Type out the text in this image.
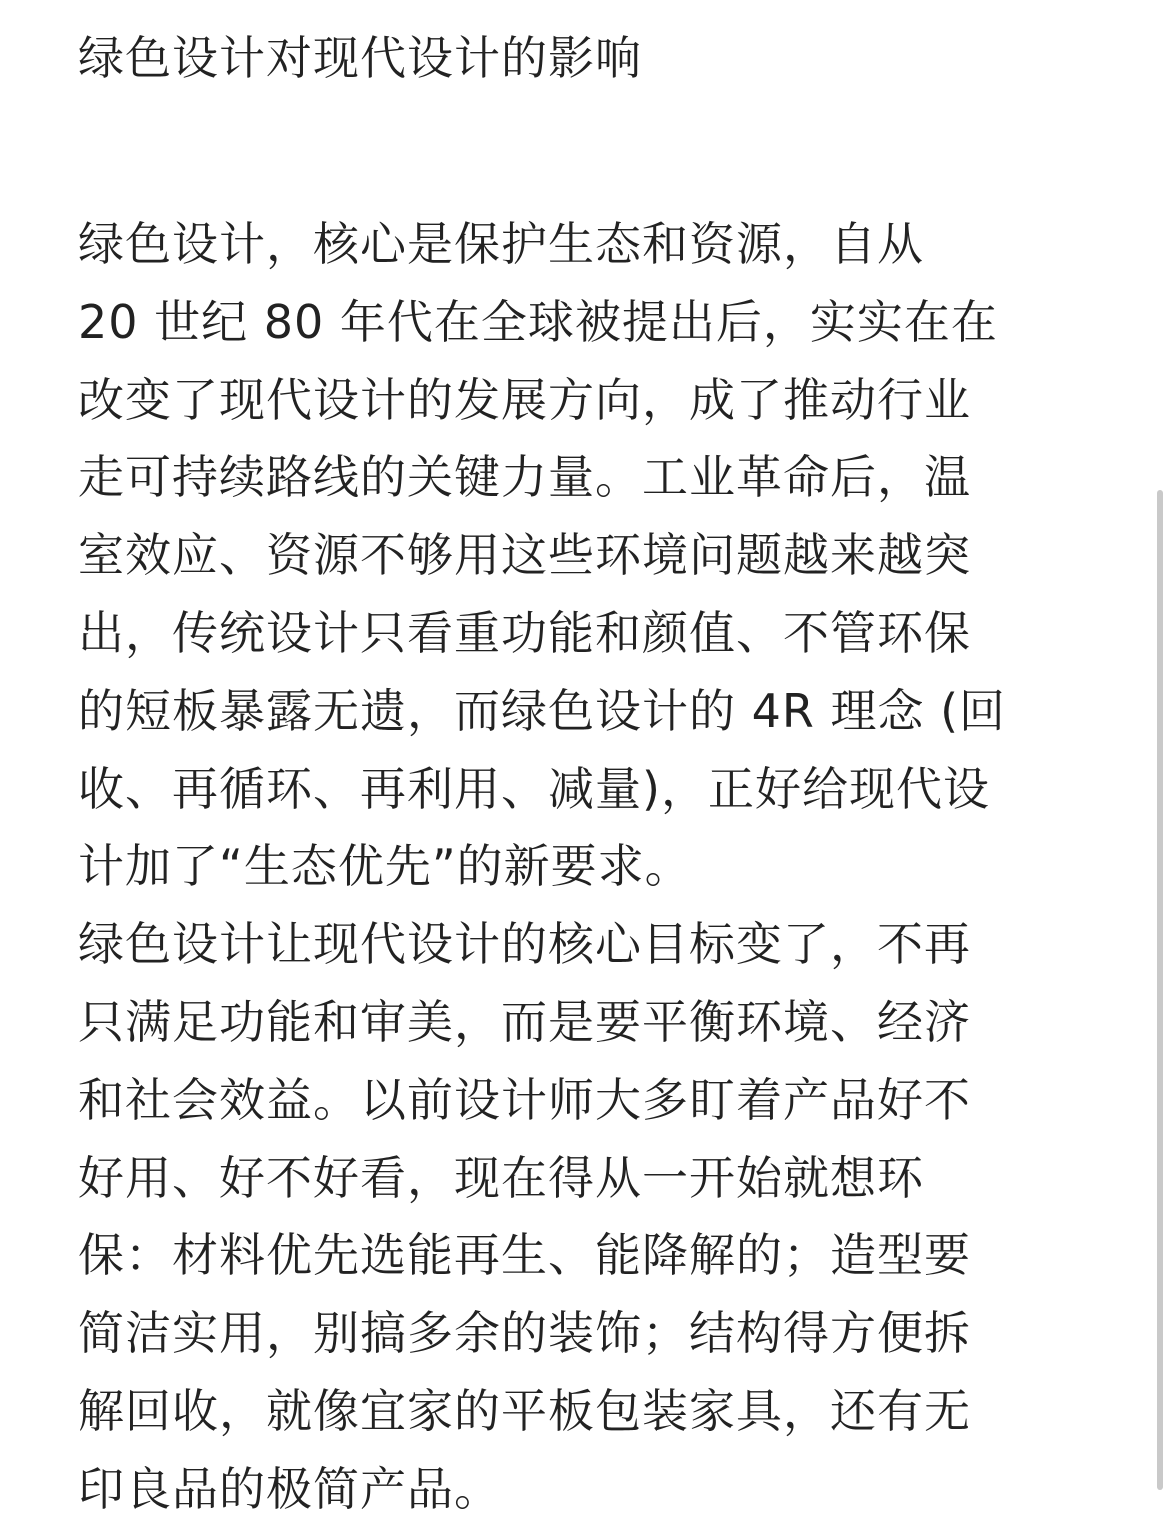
绿色设计对现代设计的影响
绿色设计，核心是保护生态和资源，自从
20 世纪 80 年代在全球被提出后，实实在在
改变了现代设计的发展方向，成了推动行业
走可持续路线的关键力量。工业革命后，温
室效应、资源不够用这些环境问题越来越突
出，传统设计只看重功能和颜值、不管环保
的短板暴露无遗，而绿色设计的 4R 理念 (回
收、再循环、再利用、减量)，正好给现代设
计加了“生态优先”的新要求。
绿色设计让现代设计的核心目标变了，不再
只满足功能和审美，而是要平衡环境、经济
和社会效益。以前设计师大多盯着产品好不
好用、好不好看，现在得从一开始就想环
保：材料优先选能再生、能降解的；造型要
简洁实用，别搞多余的装饰；结构得方便拆
解回收，就像宜家的平板包装家具，还有无
印良品的极简产品。
